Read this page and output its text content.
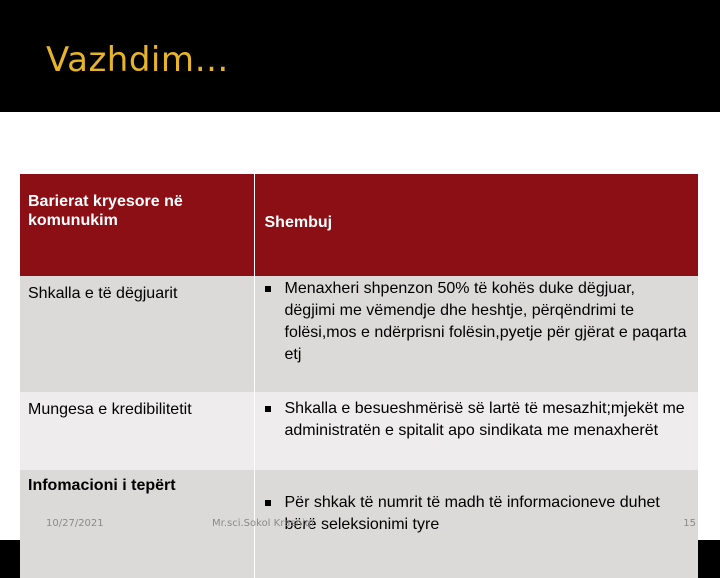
Vazhdim…
Barierat kryesore në komunukim	Shembuj

Shkalla e të dëgjuarit	Menaxheri shpenzon 50% të kohës duke dëgjuar, dëgjimi me vëmendje dhe heshtje, përqëndrimi te folësi,mos e ndërprisni folësin,pyetje për gjërat e paqarta etj

Mungesa e kredibilitetit	Shkalla e besueshmërisë së lartë të mesazhit;mjekët me administratën e spitalit apo sindikata me menaxherët

Infomacioni i tepërt	Për shkak të numrit të madh të informacioneve duhet bërë seleksionimi tyre
10/27/2021	Mr.sci.Sokol Krasniqi	15
